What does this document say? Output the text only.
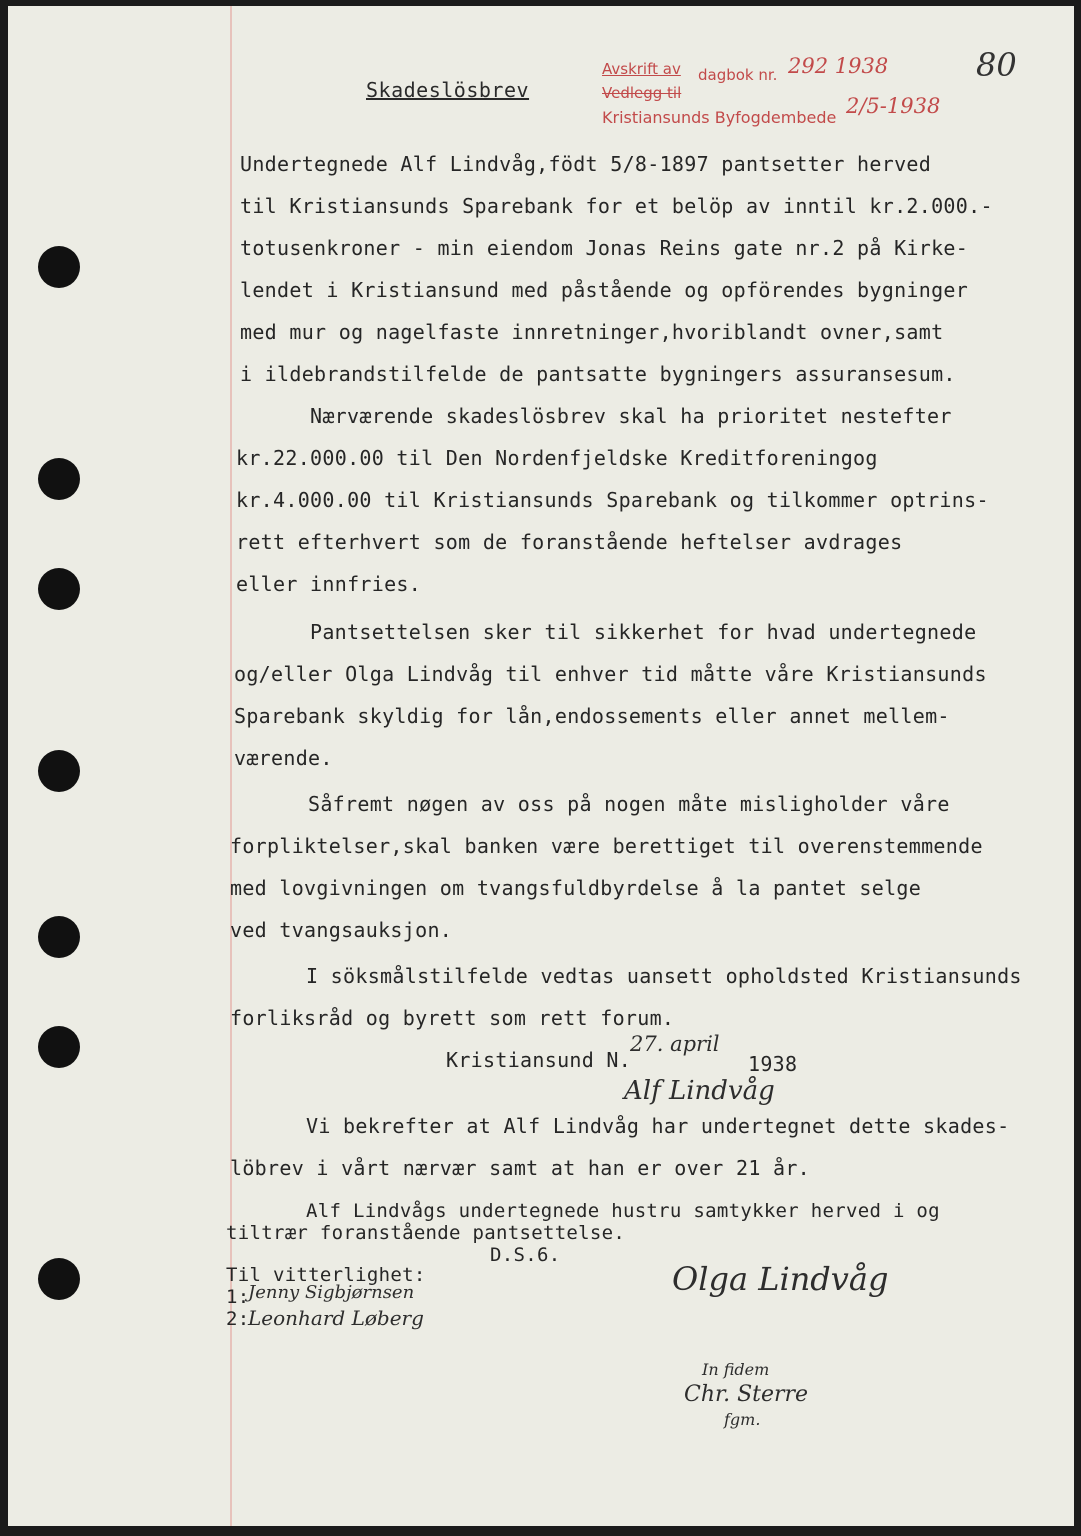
Skadeslösbrev
Avskrift av dagbok nr.
Vedlegg til
Kristiansunds Byfogdembede
292 1938
2/5-1938
80
Undertegnede Alf Lindvåg,födt 5/8-1897 pantsetter herved
til Kristiansunds Sparebank for et belöp av inntil kr.2.000.-
totusenkroner - min eiendom Jonas Reins gate nr.2 på Kirke-
lendet i Kristiansund med påstående og opförendes bygninger
med mur og nagelfaste innretninger,hvoriblandt ovner,samt
i ildebrandstilfelde de pantsatte bygningers assuransesum.
Nærværende skadeslösbrev skal ha prioritet nestefter
kr.22.000.00 til Den Nordenfjeldske Kreditforeningog
kr.4.000.00 til Kristiansunds Sparebank og tilkommer optrins-
rett efterhvert som de foranstående heftelser avdrages
eller innfries.
Pantsettelsen sker til sikkerhet for hvad undertegnede
og/eller Olga Lindvåg til enhver tid måtte våre Kristiansunds
Sparebank skyldig for lån,endossements eller annet mellem-
værende.
Såfremt nøgen av oss på nogen måte misligholder våre
forpliktelser,skal banken være berettiget til overenstemmende
med lovgivningen om tvangsfuldbyrdelse å la pantet selge
ved tvangsauksjon.
I söksmålstilfelde vedtas uansett opholdsted Kristiansunds
forliksråd og byrett som rett forum.
Kristiansund N.
27. april
1938
Alf Lindvåg
Vi bekrefter at Alf Lindvåg har undertegnet dette skades-
löbrev i vårt nærvær samt at han er over 21 år.
Alf Lindvågs undertegnede hustru samtykker herved i og
tiltrær foranstående pantsettelse.
D.S.6.
Til vitterlighet:
1:
Jenny Sigbjørnsen
2:
Leonhard Løberg
Olga Lindvåg
In fidem
Chr. Sterre
fgm.
